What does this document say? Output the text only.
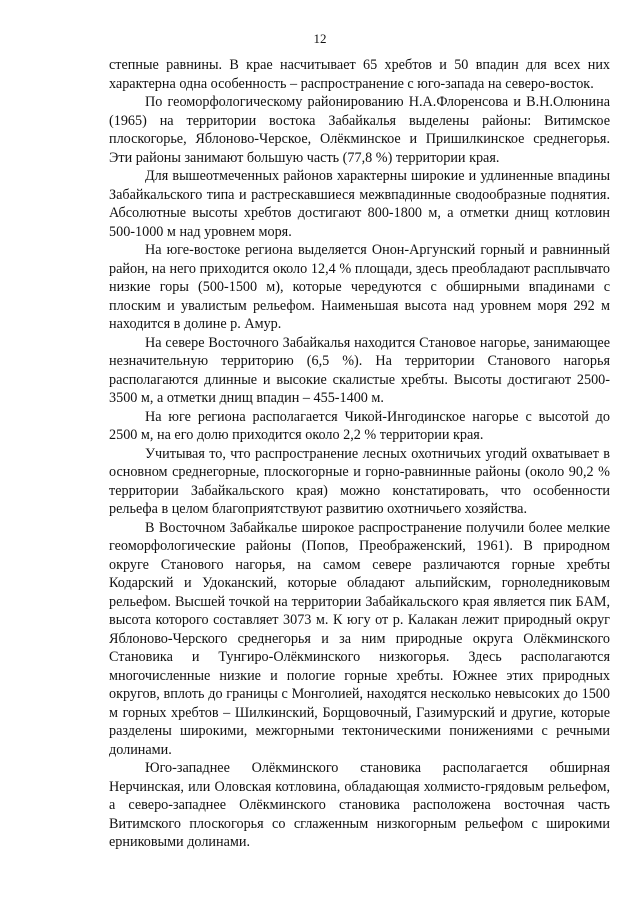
12

степные равнины. В крае насчитывает 65 хребтов и 50 впадин для всех них характерна одна особенность – распространение с юго-запада на северо-восток.

По геоморфологическому районированию Н.А.Флоренсова и В.Н.Олюнина (1965) на территории востока Забайкалья выделены районы: Витимское плоскогорье, Яблоново-Черское, Олёкминское и Пришилкинское среднегорья. Эти районы занимают большую часть (77,8 %) территории края.

Для вышеотмеченных районов характерны широкие и удлиненные впадины Забайкальского типа и растрескавшиеся межвпадинные сводообразные поднятия. Абсолютные высоты хребтов достигают 800-1800 м, а отметки днищ котловин 500-1000 м над уровнем моря.

На юге-востоке региона выделяется Онон-Аргунский горный и равнинный район, на него приходится около 12,4 % площади, здесь преобладают расплывчато низкие горы (500-1500 м), которые чередуются с обширными впадинами с плоским и увалистым рельефом. Наименьшая высота над уровнем моря 292 м находится в долине р. Амур.

На севере Восточного Забайкалья находится Становое нагорье, занимающее незначительную территорию (6,5 %). На территории Станового нагорья располагаются длинные и высокие скалистые хребты. Высоты достигают 2500-3500 м, а отметки днищ впадин – 455-1400 м.

На юге региона располагается Чикой-Ингодинское нагорье с высотой до 2500 м, на его долю приходится около 2,2 % территории края.

Учитывая то, что распространение лесных охотничьих угодий охватывает в основном среднегорные, плоскогорные и горно-равнинные районы (около 90,2 % территории Забайкальского края) можно констатировать, что особенности рельефа в целом благоприятствуют развитию охотничьего хозяйства.

В Восточном Забайкалье широкое распространение получили более мелкие геоморфологические районы (Попов, Преображенский, 1961). В природном округе Станового нагорья, на самом севере различаются горные хребты Кодарский и Удоканский, которые обладают альпийским, горноледниковым рельефом. Высшей точкой на территории Забайкальского края является пик БАМ, высота которого составляет 3073 м. К югу от р. Калакан лежит природный округ Яблоново-Черского среднегорья и за ним природные округа Олёкминского Становика и Тунгиро-Олёкминского низкогорья. Здесь располагаются многочисленные низкие и пологие горные хребты. Южнее этих природных округов, вплоть до границы с Монголией, находятся несколько невысоких до 1500 м горных хребтов – Шилкинский, Борщовочный, Газимурский и другие, которые разделены широкими, межгорными тектоническими понижениями с речными долинами.

Юго-западнее Олёкминского становика располагается обширная Нерчинская, или Оловская котловина, обладающая холмисто-грядовым рельефом, а северо-западнее Олёкминского становика расположена восточная часть Витимского плоскогорья со сглаженным низкогорным рельефом с широкими ерниковыми долинами.
